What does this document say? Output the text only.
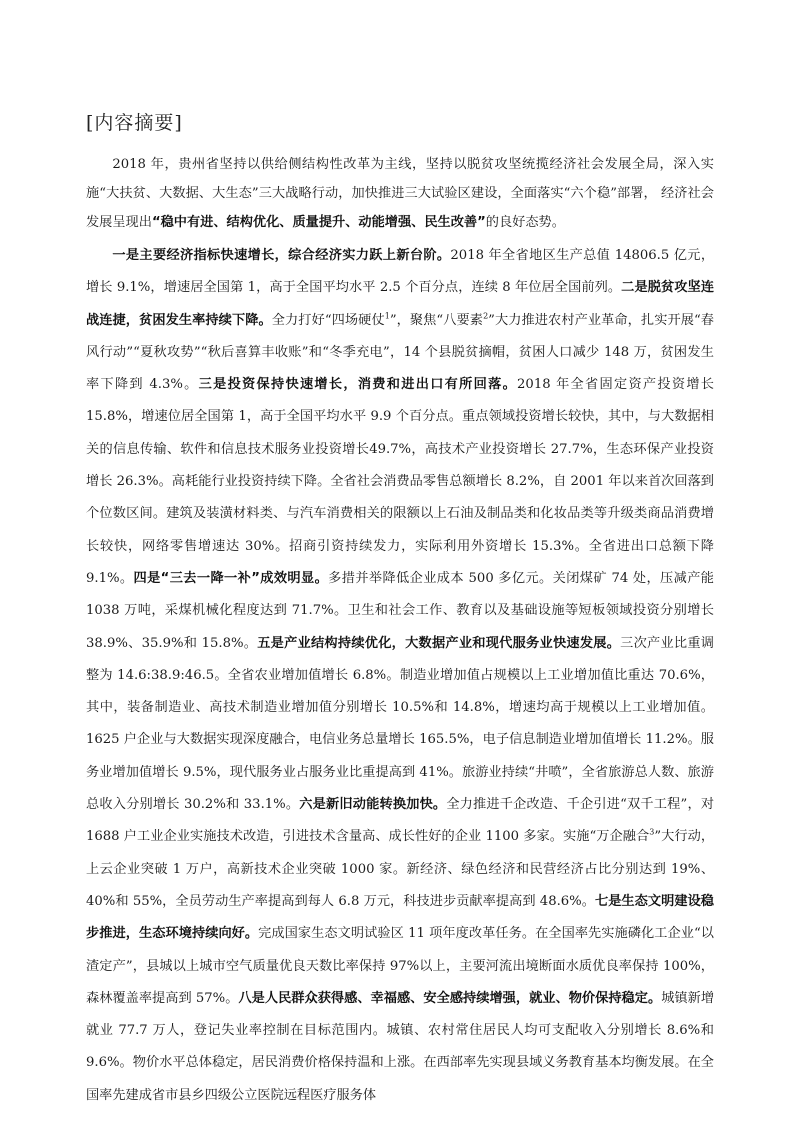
[内容摘要]

2018 年，贵州省坚持以供给侧结构性改革为主线，坚持以脱贫攻坚统揽经济社会发展全局，深入实施“大扶贫、大数据、大生态”三大战略行动，加快推进三大试验区建设，全面落实“六个稳”部署， 经济社会发展呈现出“稳中有进、结构优化、质量提升、动能增强、民生改善”的良好态势。

一是主要经济指标快速增长，综合经济实力跃上新台阶。2018 年全省地区生产总值 14806.5 亿元，增长 9.1%，增速居全国第 1，高于全国平均水平 2.5 个百分点，连续 8 年位居全国前列。二是脱贫攻坚连战连捷，贫困发生率持续下降。全力打好“四场硬仗$^1$”，聚焦“八要素$^2$”大力推进农村产业革命，扎实开展“春风行动”“夏秋攻势”“秋后喜算丰收账”和“冬季充电”，14 个县脱贫摘帽，贫困人口减少 148 万，贫困发生率下降到 4.3%。三是投资保持快速增长，消费和进出口有所回落。2018 年全省固定资产投资增长 15.8%，增速位居全国第 1，高于全国平均水平 9.9 个百分点。重点领域投资增长较快，其中，与大数据相关的信息传输、软件和信息技术服务业投资增长49.7%，高技术产业投资增长 27.7%，生态环保产业投资增长 26.3%。高耗能行业投资持续下降。全省社会消费品零售总额增长 8.2%，自 2001 年以来首次回落到个位数区间。建筑及装潢材料类、与汽车消费相关的限额以上石油及制品类和化妆品类等升级类商品消费增长较快，网络零售增速达 30%。招商引资持续发力，实际利用外资增长 15.3%。全省进出口总额下降 9.1%。四是“三去一降一补”成效明显。多措并举降低企业成本 500 多亿元。关闭煤矿 74 处，压减产能 1038 万吨，采煤机械化程度达到 71.7%。卫生和社会工作、教育以及基础设施等短板领域投资分别增长 38.9%、35.9%和 15.8%。五是产业结构持续优化，大数据产业和现代服务业快速发展。三次产业比重调整为 14.6:38.9:46.5。全省农业增加值增长 6.8%。制造业增加值占规模以上工业增加值比重达 70.6%，其中，装备制造业、高技术制造业增加值分别增长 10.5%和 14.8%，增速均高于规模以上工业增加值。1625 户企业与大数据实现深度融合，电信业务总量增长 165.5%，电子信息制造业增加值增长 11.2%。服务业增加值增长 9.5%，现代服务业占服务业比重提高到 41%。旅游业持续“井喷”，全省旅游总人数、旅游总收入分别增长 30.2%和 33.1%。六是新旧动能转换加快。全力推进千企改造、千企引进“双千工程”，对1688 户工业企业实施技术改造，引进技术含量高、成长性好的企业 1100 多家。实施“万企融合$^3$”大行动，上云企业突破 1 万户，高新技术企业突破 1000 家。新经济、绿色经济和民营经济占比分别达到 19%、40%和 55%，全员劳动生产率提高到每人 6.8 万元，科技进步贡献率提高到 48.6%。七是生态文明建设稳步推进，生态环境持续向好。完成国家生态文明试验区 11 项年度改革任务。在全国率先实施磷化工企业“以渣定产”，县城以上城市空气质量优良天数比率保持 97%以上，主要河流出境断面水质优良率保持 100%，森林覆盖率提高到 57%。八是人民群众获得感、幸福感、安全感持续增强，就业、物价保持稳定。城镇新增就业 77.7 万人，登记失业率控制在目标范围内。城镇、农村常住居民人均可支配收入分别增长 8.6%和 9.6%。物价水平总体稳定，居民消费价格保持温和上涨。在西部率先实现县域义务教育基本均衡发展。在全国率先建成省市县乡四级公立医院远程医疗服务体
